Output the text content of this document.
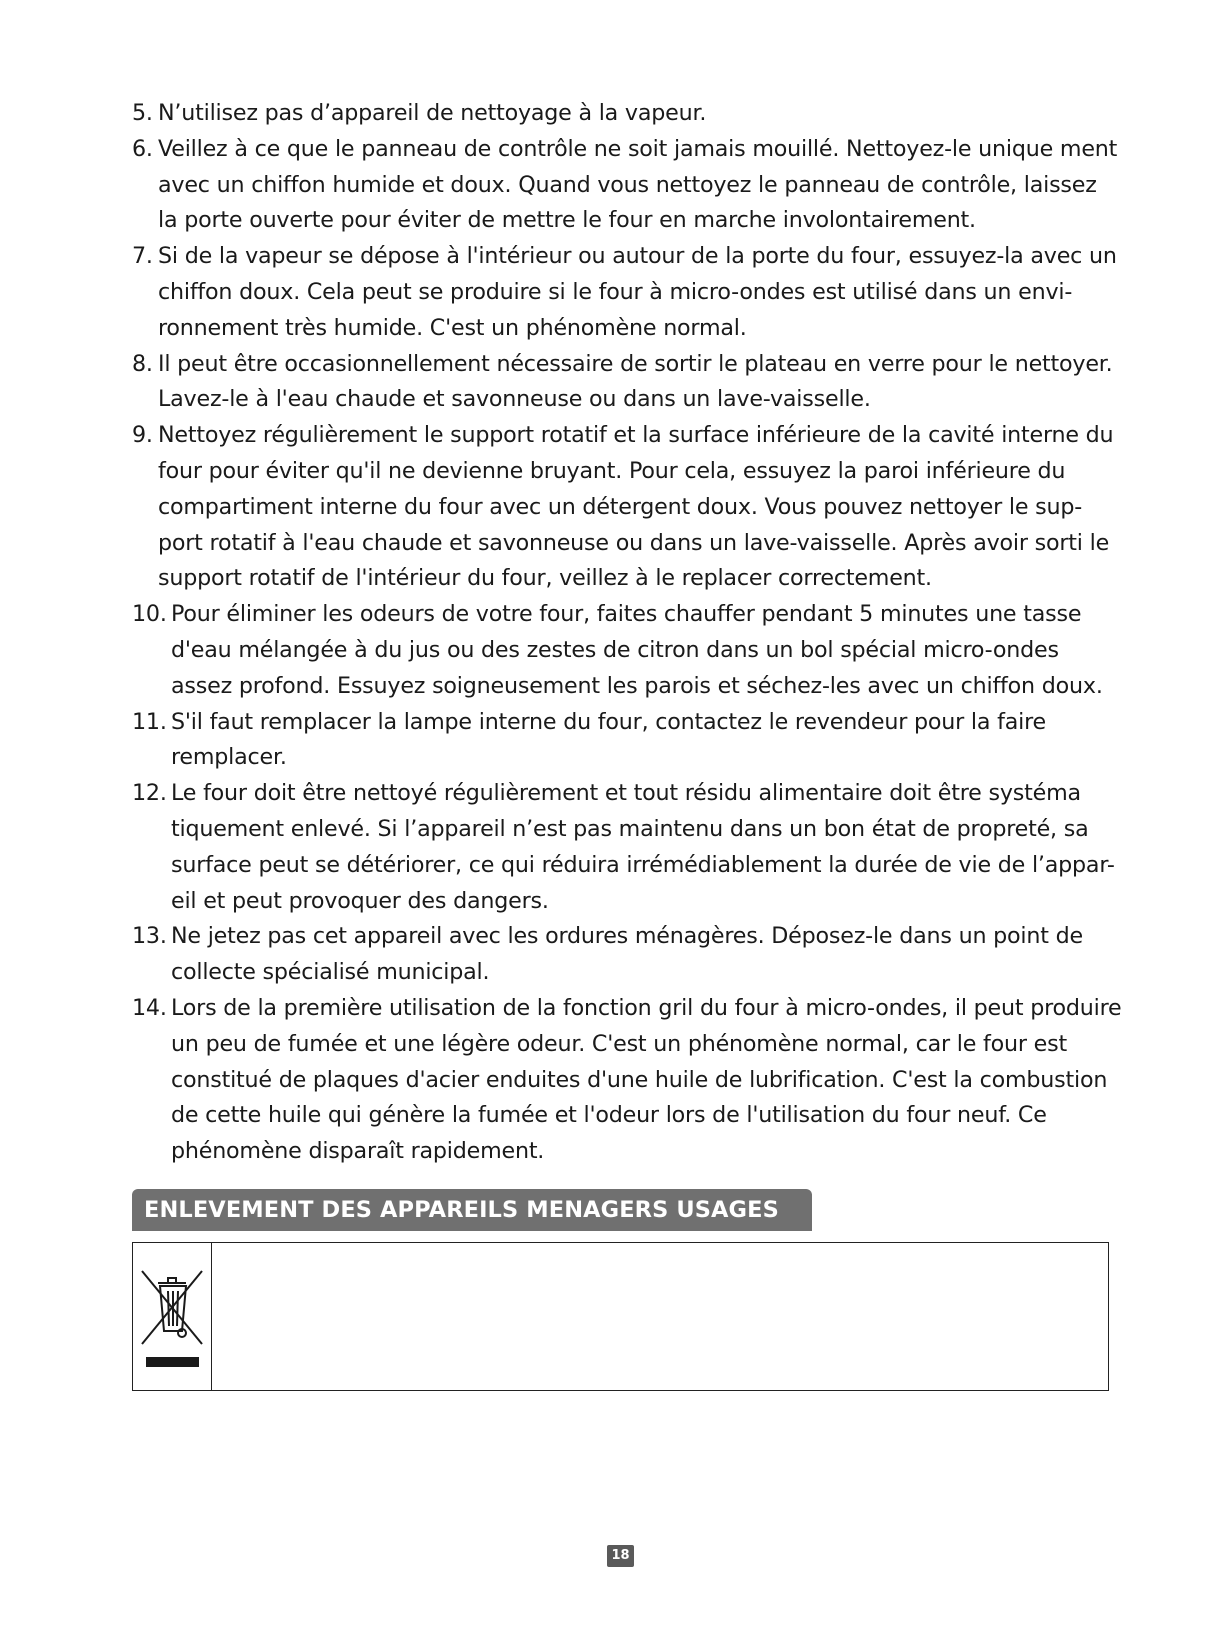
5. N’utilisez pas d’appareil de nettoyage à la vapeur.
6. Veillez à ce que le panneau de contrôle ne soit jamais mouillé. Nettoyez-le unique ment avec un chiffon humide et doux. Quand vous nettoyez le panneau de contrôle, laissez la porte ouverte pour éviter de mettre le four en marche involontairement.
7. Si de la vapeur se dépose à l'intérieur ou autour de la porte du four, essuyez-la avec un chiffon doux. Cela peut se produire si le four à micro-ondes est utilisé dans un envi- ronnement très humide. C'est un phénomène normal.
8. Il peut être occasionnellement nécessaire de sortir le plateau en verre pour le nettoyer. Lavez-le à l'eau chaude et savonneuse ou dans un lave-vaisselle.
9. Nettoyez régulièrement le support rotatif et la surface inférieure de la cavité interne du four pour éviter qu'il ne devienne bruyant. Pour cela, essuyez la paroi inférieure du compartiment interne du four avec un détergent doux. Vous pouvez nettoyer le sup- port rotatif à l'eau chaude et savonneuse ou dans un lave-vaisselle. Après avoir sorti le support rotatif de l'intérieur du four, veillez à le replacer correctement.
10. Pour éliminer les odeurs de votre four, faites chauffer pendant 5 minutes une tasse d'eau mélangée à du jus ou des zestes de citron dans un bol spécial micro-ondes assez profond. Essuyez soigneusement les parois et séchez-les avec un chiffon doux.
11. S'il faut remplacer la lampe interne du four, contactez le revendeur pour la faire remplacer.
12. Le four doit être nettoyé régulièrement et tout résidu alimentaire doit être systéma tiquement enlevé. Si l’appareil n’est pas maintenu dans un bon état de propreté, sa surface peut se détériorer, ce qui réduira irrémédiablement la durée de vie de l’appar- eil et peut provoquer des dangers.
13. Ne jetez pas cet appareil avec les ordures ménagères. Déposez-le dans un point de collecte spécialisé municipal.
14. Lors de la première utilisation de la fonction gril du four à micro-ondes, il peut produire un peu de fumée et une légère odeur. C'est un phénomène normal, car le four est constitué de plaques d'acier enduites d'une huile de lubrification. C'est la combustion de cette huile qui génère la fumée et l'odeur lors de l'utilisation du four neuf. Ce phénomène disparaît rapidement.
ENLEVEMENT DES APPAREILS MENAGERS USAGES
18
